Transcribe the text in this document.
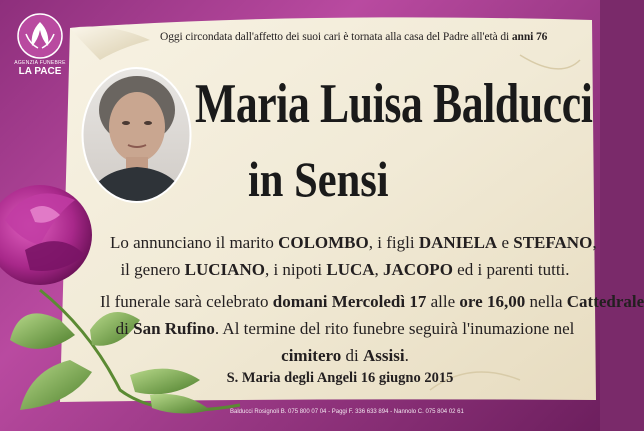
AGENZIA FUNEBRE
LA PACE
Oggi circondata dall'affetto dei suoi cari è tornata alla casa del Padre all'età di anni 76
Maria Luisa Balducci
in Sensi
Lo annunciano il marito COLOMBO, i figli DANIELA e STEFANO,
il genero LUCIANO, i nipoti LUCA, JACOPO ed i parenti tutti.
Il funerale sarà celebrato domani Mercoledì 17 alle ore 16,00 nella Cattedrale
di San Rufino. Al termine del rito funebre seguirà l'inumazione nel
cimitero di Assisi.
S. Maria degli Angeli 16 giugno 2015
Balducci Rosignoli B. 075 800 07 04 - Paggi F. 336 633 894 - Nannolo C. 075 804 02 61
